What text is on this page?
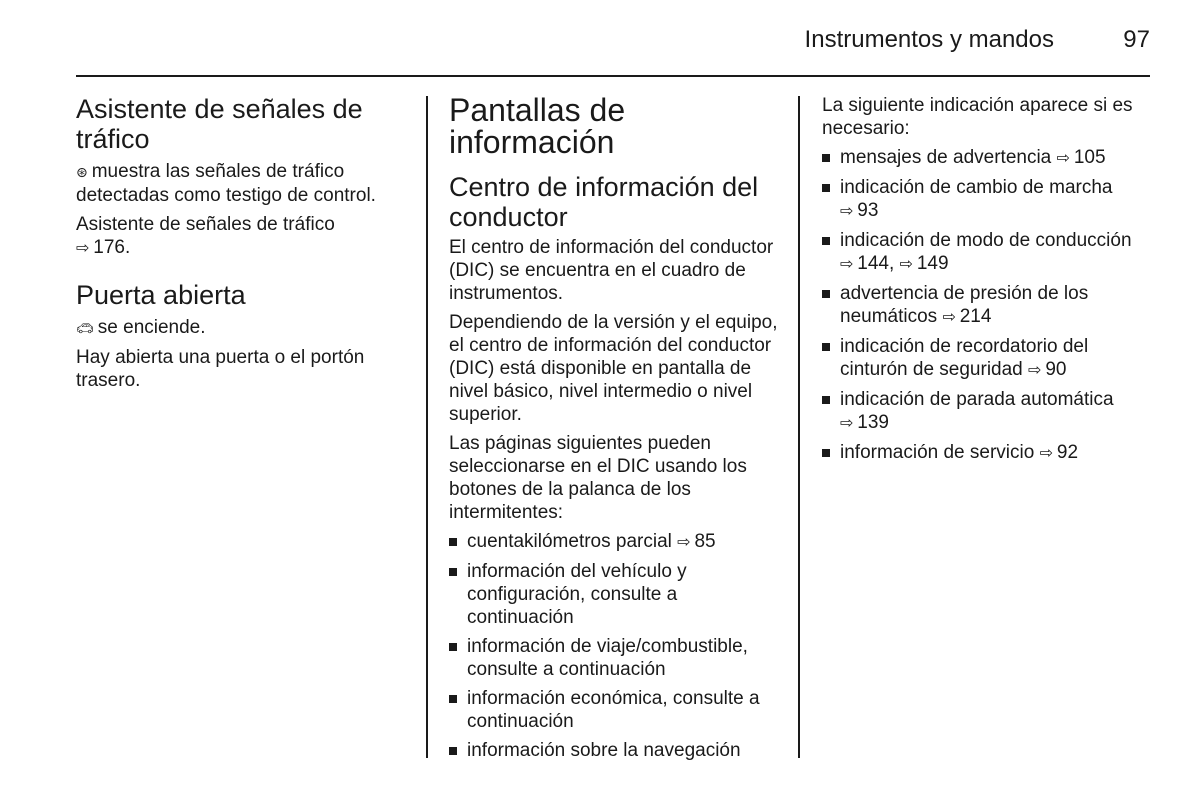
Instrumentos y mandos	97
Asistente de señales de tráfico

⊛ muestra las señales de tráfico detectadas como testigo de control.

Asistente de señales de tráfico
⇨ 176.

Puerta abierta

🚗︎ se enciende.

Hay abierta una puerta o el portón trasero.

Pantallas de información
Centro de información del conductor

El centro de información del conductor (DIC) se encuentra en el cuadro de instrumentos.

Dependiendo de la versión y el equipo, el centro de información del conductor (DIC) está disponible en pantalla de nivel básico, nivel intermedio o nivel superior.

Las páginas siguientes pueden seleccionarse en el DIC usando los botones de la palanca de los intermitentes:

cuentakilómetros parcial ⇨ 85
información del vehículo y configuración, consulte a continuación
información de viaje/combustible, consulte a continuación
información económica, consulte a continuación
información sobre la navegación

La siguiente indicación aparece si es necesario:

mensajes de advertencia ⇨ 105
indicación de cambio de marcha
⇨ 93
indicación de modo de conducción
⇨ 144, ⇨ 149
advertencia de presión de los neumáticos ⇨ 214
indicación de recordatorio del cinturón de seguridad ⇨ 90
indicación de parada automática
⇨ 139
información de servicio ⇨ 92
